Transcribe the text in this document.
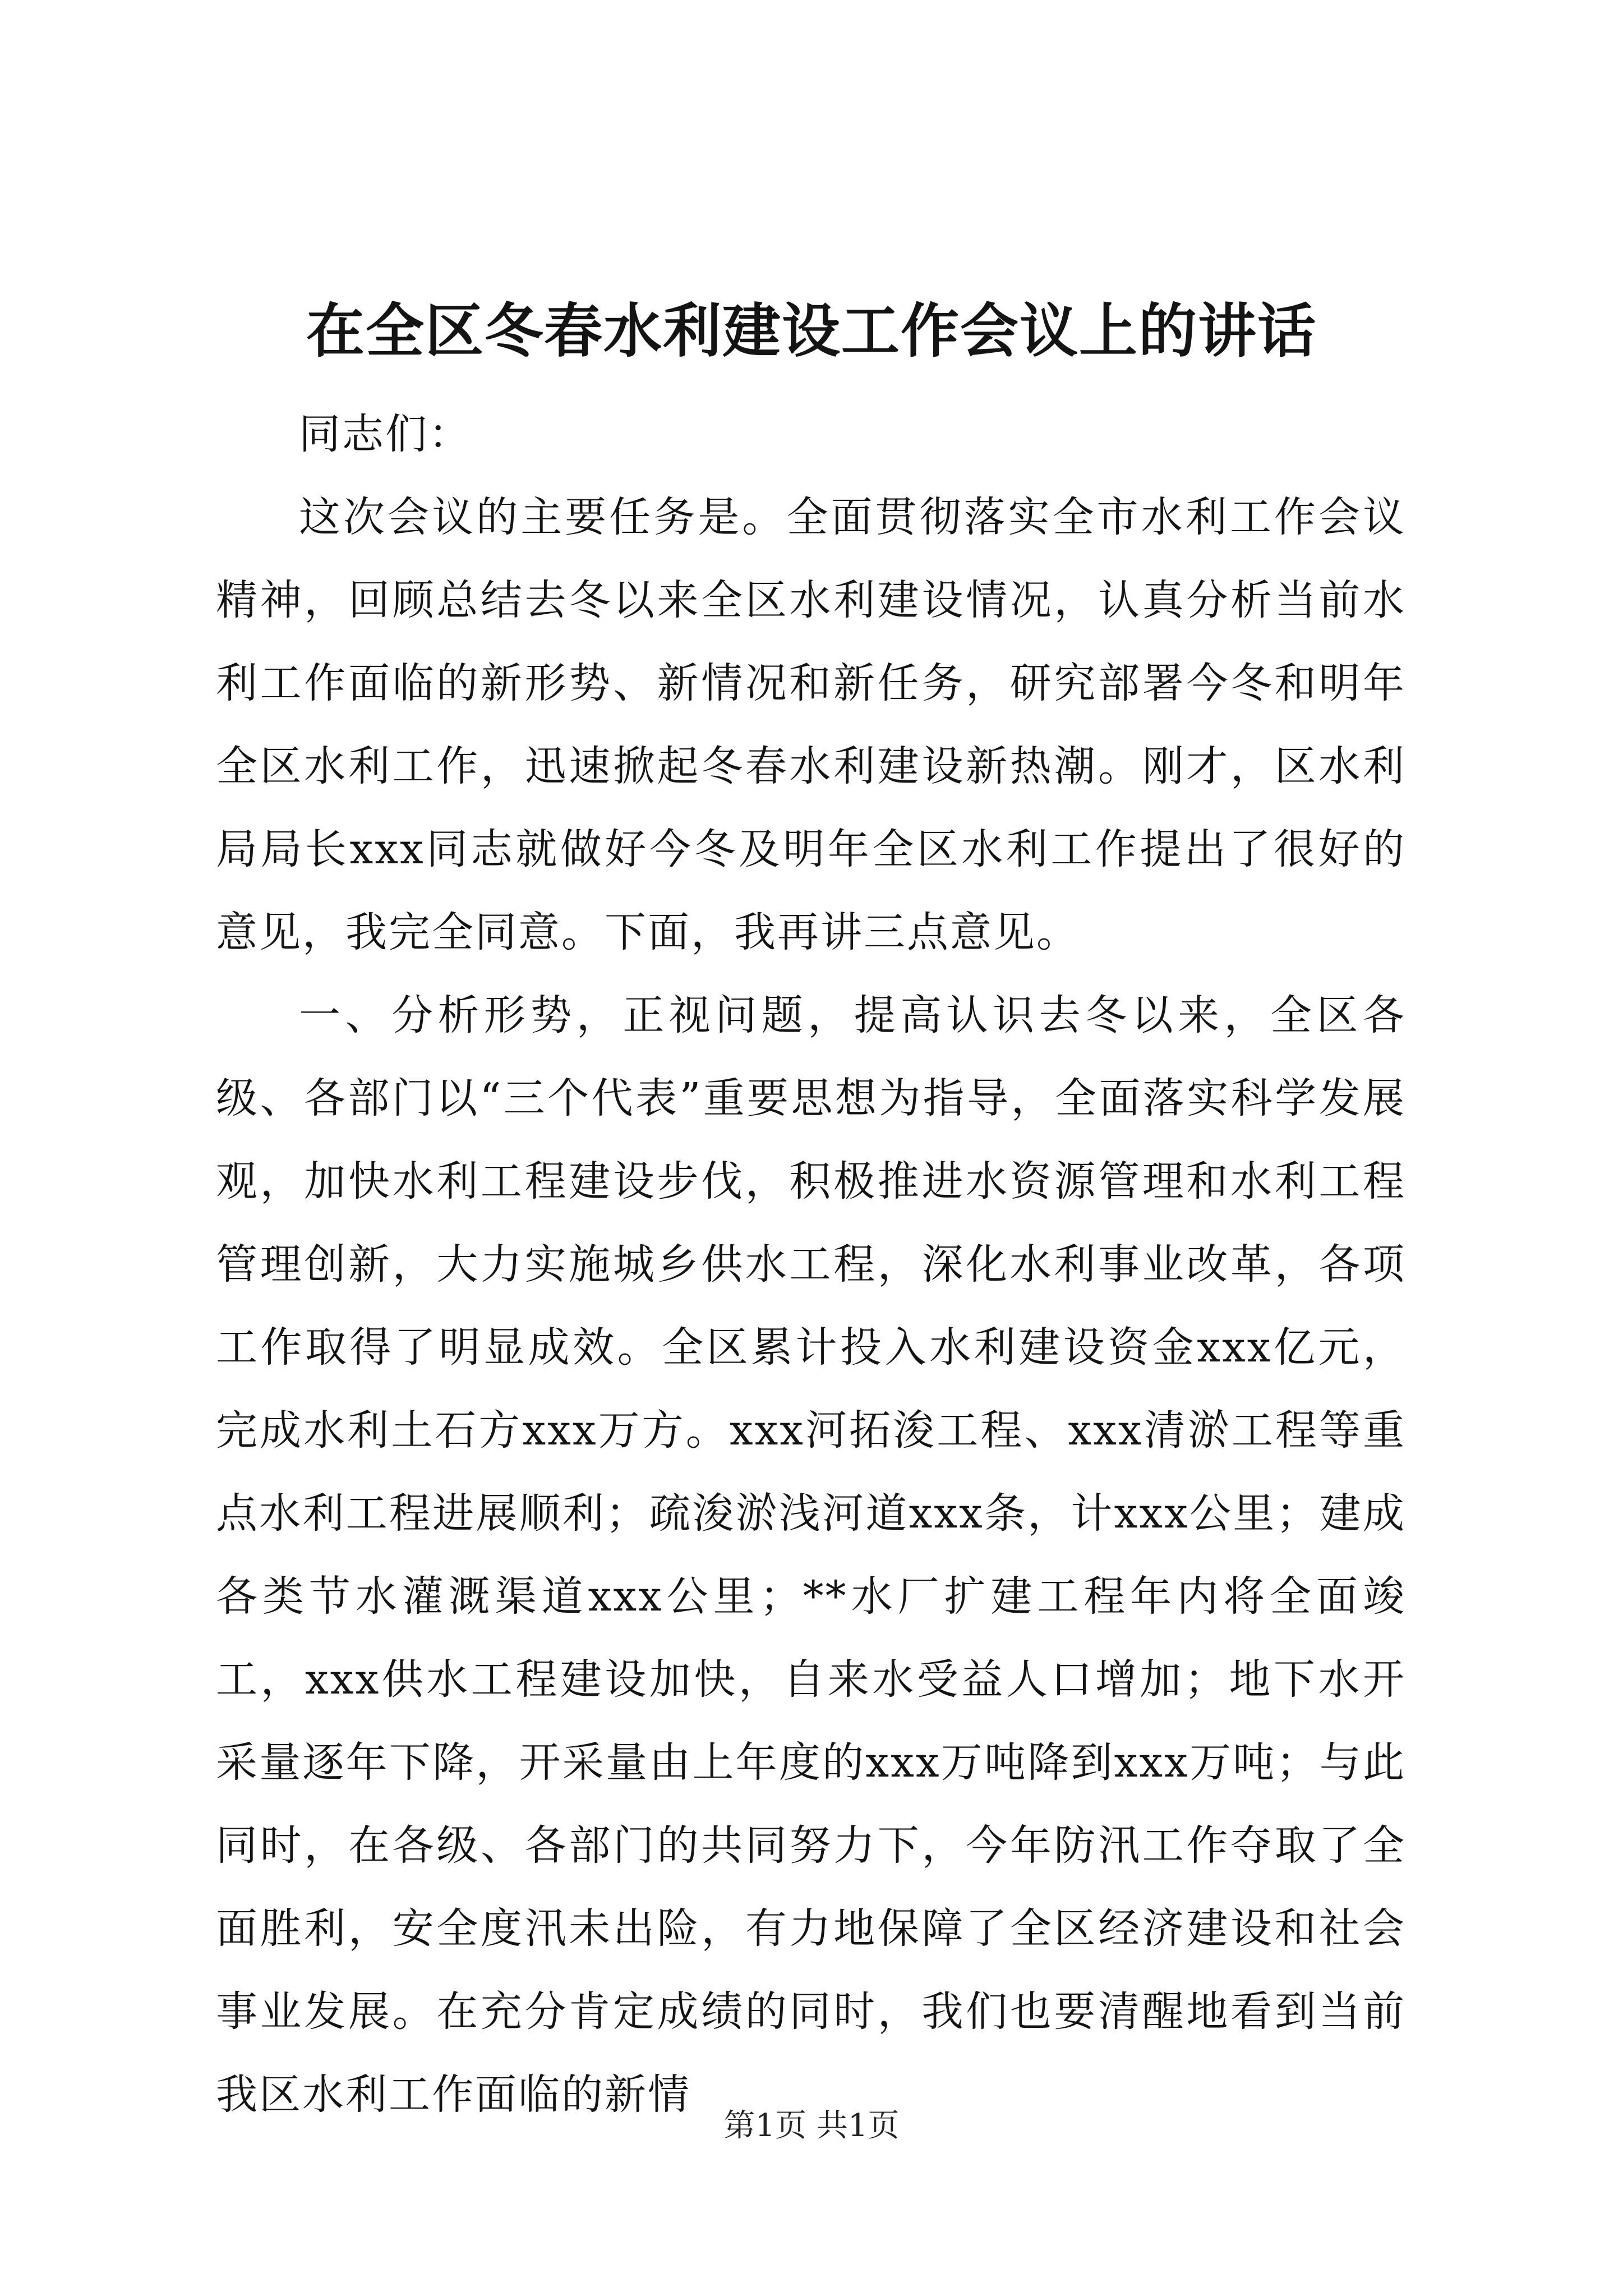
在全区冬春水利建设工作会议上的讲话

同志们：

这次会议的主要任务是。全面贯彻落实全市水利工作会议精神，回顾总结去冬以来全区水利建设情况，认真分析当前水利工作面临的新形势、新情况和新任务，研究部署今冬和明年全区水利工作，迅速掀起冬春水利建设新热潮。刚才，区水利局局长xxx同志就做好今冬及明年全区水利工作提出了很好的意见，我完全同意。下面，我再讲三点意见。

一、分析形势，正视问题，提高认识去冬以来，全区各级、各部门以“三个代表”重要思想为指导，全面落实科学发展观，加快水利工程建设步伐，积极推进水资源管理和水利工程管理创新，大力实施城乡供水工程，深化水利事业改革，各项工作取得了明显成效。全区累计投入水利建设资金xxx亿元，完成水利土石方xxx万方。xxx河拓浚工程、xxx清淤工程等重点水利工程进展顺利；疏浚淤浅河道xxx条，计xxx公里；建成各类节水灌溉渠道xxx公里；**水厂扩建工程年内将全面竣工，xxx供水工程建设加快，自来水受益人口增加；地下水开采量逐年下降，开采量由上年度的xxx万吨降到xxx万吨；与此同时，在各级、各部门的共同努力下，今年防汛工作夺取了全面胜利，安全度汛未出险，有力地保障了全区经济建设和社会事业发展。在充分肯定成绩的同时，我们也要清醒地看到当前我区水利工作面临的新情

第1页 共1页
